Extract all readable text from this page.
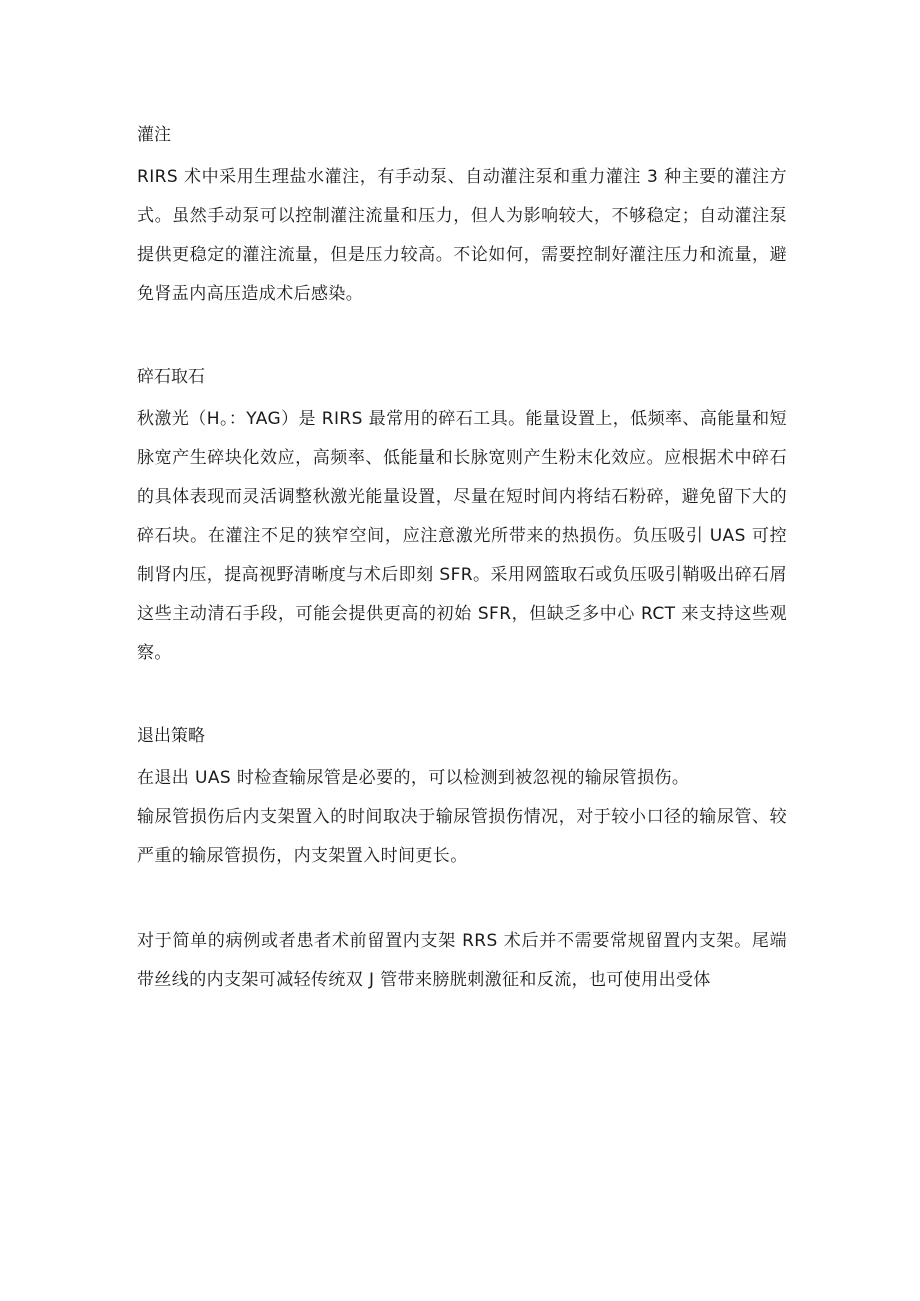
灌注

RIRS 术中采用生理盐水灌注，有手动泵、自动灌注泵和重力灌注 3 种主要的灌注方式。虽然手动泵可以控制灌注流量和压力，但人为影响较大，不够稳定；自动灌注泵提供更稳定的灌注流量，但是压力较高。不论如何，需要控制好灌注压力和流量，避免肾盂内高压造成术后感染。

碎石取石

秋激光（H。：YAG）是 RIRS 最常用的碎石工具。能量设置上，低频率、高能量和短脉宽产生碎块化效应，高频率、低能量和长脉宽则产生粉末化效应。应根据术中碎石的具体表现而灵活调整秋激光能量设置，尽量在短时间内将结石粉碎，避免留下大的碎石块。在灌注不足的狭窄空间，应注意激光所带来的热损伤。负压吸引 UAS 可控制肾内压，提高视野清晰度与术后即刻 SFR。采用网篮取石或负压吸引鞘吸出碎石屑这些主动清石手段，可能会提供更高的初始 SFR，但缺乏多中心 RCT 来支持这些观察。

退出策略

在退出 UAS 时检查输尿管是必要的，可以检测到被忽视的输尿管损伤。

输尿管损伤后内支架置入的时间取决于输尿管损伤情况，对于较小口径的输尿管、较严重的输尿管损伤，内支架置入时间更长。

对于简单的病例或者患者术前留置内支架 RRS 术后并不需要常规留置内支架。尾端带丝线的内支架可减轻传统双 J 管带来膀胱刺激征和反流，也可使用出受体
